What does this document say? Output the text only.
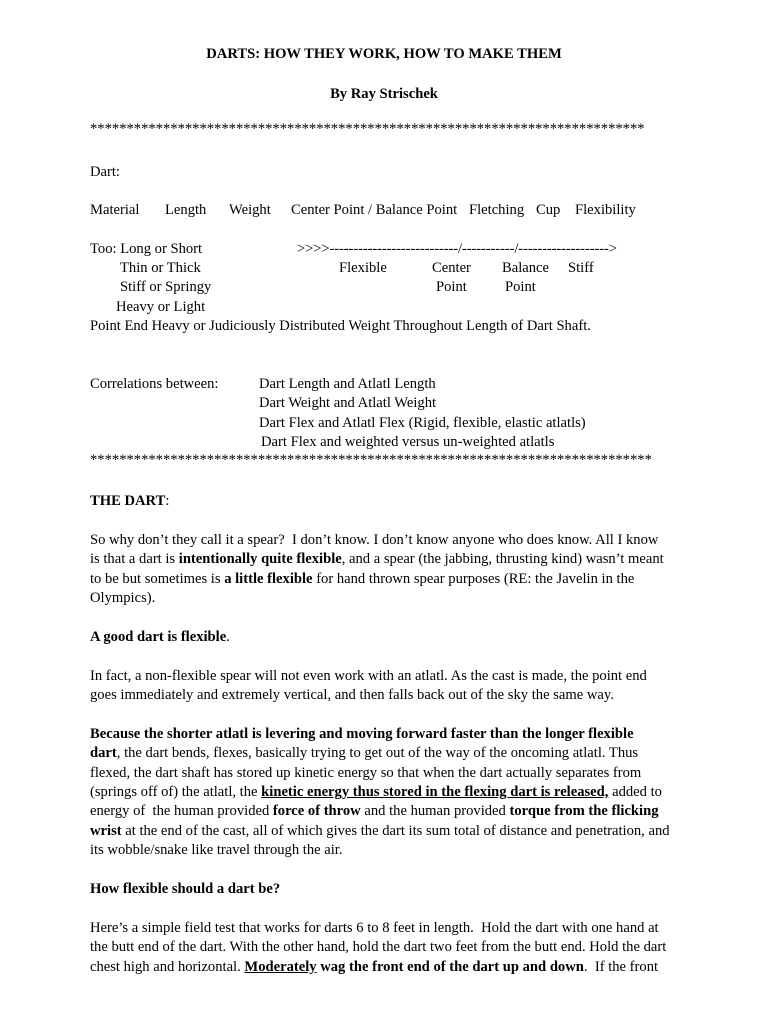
DARTS: HOW THEY WORK, HOW TO MAKE THEM
By Ray Strischek
****************************************************************************
Dart:
Material Length Weight Center Point / Balance Point Fletching Cup Flexibility
Too: Long or Short	>>>>---------------------------/-----------/------------------->
Thin or Thick	Flexible	Center Balance Stiff
Stiff or Springy	Point	Point
Heavy or Light
Point End Heavy or Judiciously Distributed Weight Throughout Length of Dart Shaft.
Correlations between:	Dart Length and Atlatl Length
Dart Weight and Atlatl Weight
Dart Flex and Atlatl Flex (Rigid, flexible, elastic atlatls)
Dart Flex and weighted versus un-weighted atlatls
*****************************************************************************
THE DART:
So why don’t they call it a spear?  I don’t know. I don’t know anyone who does know. All I know
is that a dart is intentionally quite flexible, and a spear (the jabbing, thrusting kind) wasn’t meant
to be but sometimes is a little flexible for hand thrown spear purposes (RE: the Javelin in the
Olympics).
A good dart is flexible.
In fact, a non-flexible spear will not even work with an atlatl. As the cast is made, the point end
goes immediately and extremely vertical, and then falls back out of the sky the same way.
Because the shorter atlatl is levering and moving forward faster than the longer flexible
dart, the dart bends, flexes, basically trying to get out of the way of the oncoming atlatl. Thus
flexed, the dart shaft has stored up kinetic energy so that when the dart actually separates from
(springs off of) the atlatl, the kinetic energy thus stored in the flexing dart is released, added to
energy of  the human provided force of throw and the human provided torque from the flicking
wrist at the end of the cast, all of which gives the dart its sum total of distance and penetration, and
its wobble/snake like travel through the air.
How flexible should a dart be?
Here’s a simple field test that works for darts 6 to 8 feet in length.  Hold the dart with one hand at
the butt end of the dart. With the other hand, hold the dart two feet from the butt end. Hold the dart
chest high and horizontal. Moderately wag the front end of the dart up and down.  If the front
